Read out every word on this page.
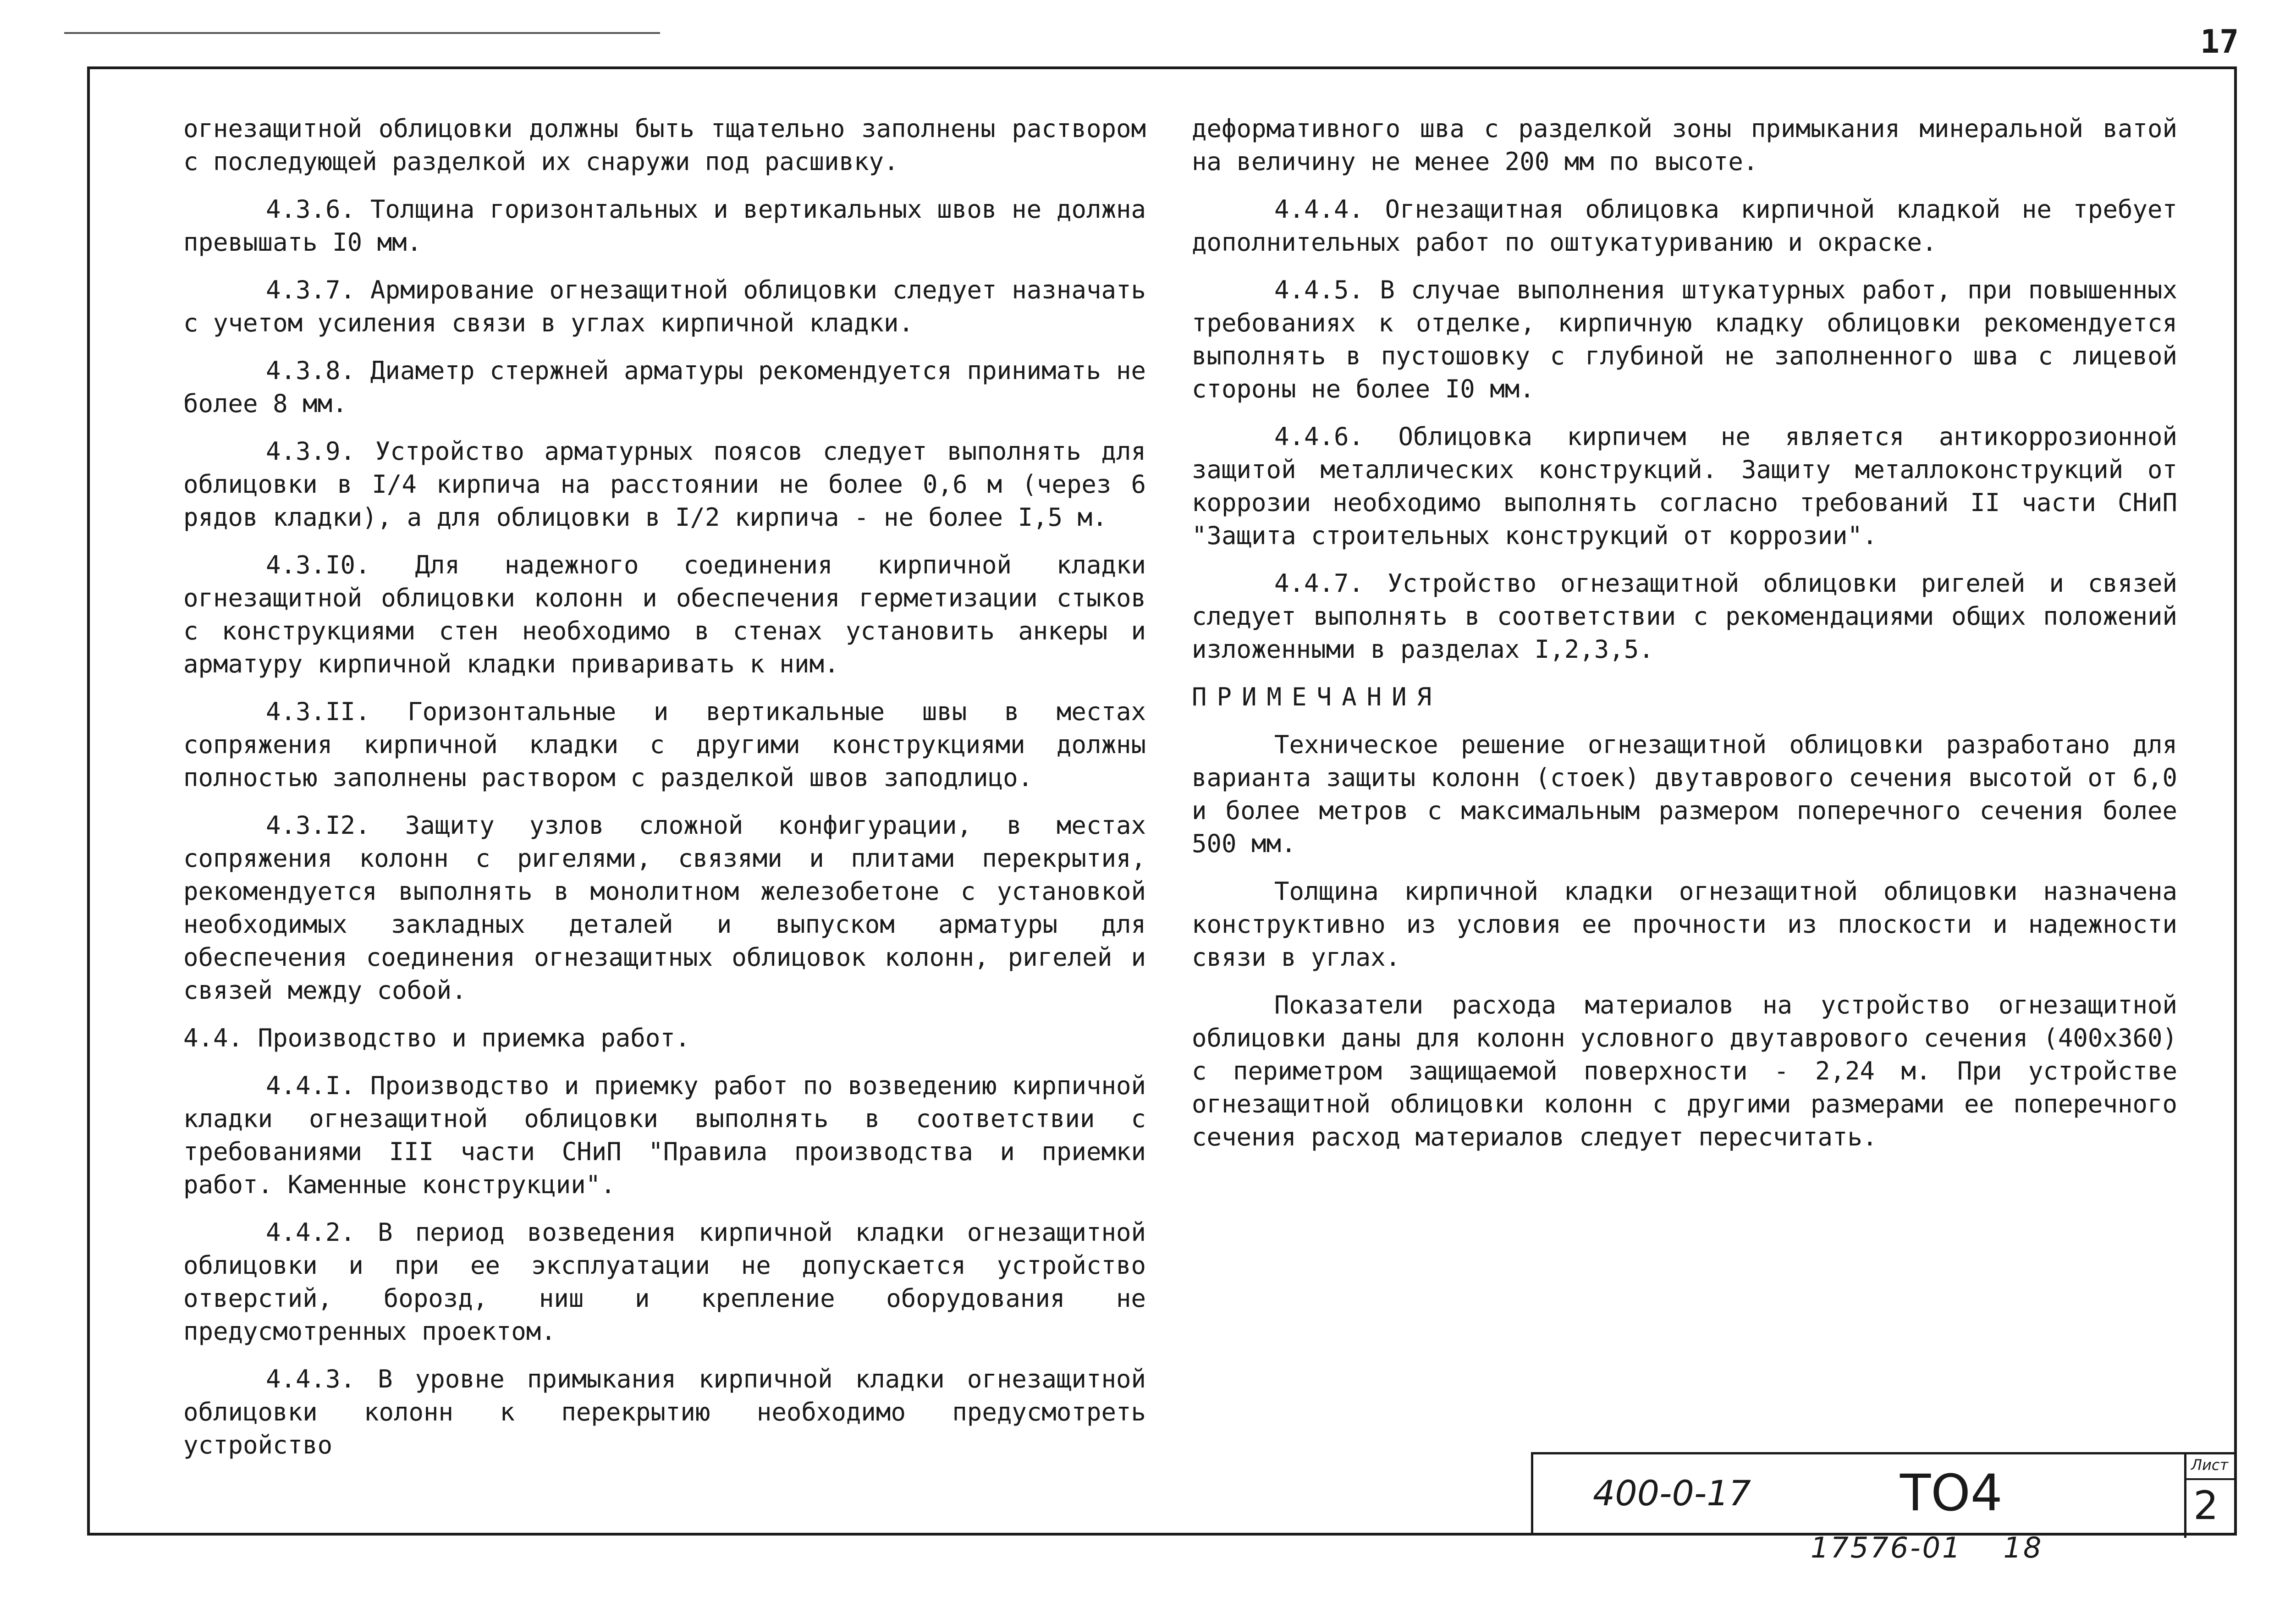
17

огнезащитной облицовки должны быть тщательно заполнены раствором с последующей разделкой их снаружи под расшивку.

4.3.6. Толщина горизонтальных и вертикальных швов не должна превышать I0 мм.

4.3.7. Армирование огнезащитной облицовки следует назначать с учетом усиления связи в углах кирпичной кладки.

4.3.8. Диаметр стержней арматуры рекомендуется принимать не более 8 мм.

4.3.9. Устройство арматурных поясов следует выполнять для облицовки в I/4 кирпича на расстоянии не более 0,6 м (через 6 рядов кладки), а для облицовки в I/2 кирпича - не более I,5 м.

4.3.I0. Для надежного соединения кирпичной кладки огнезащитной облицовки колонн и обеспечения герметизации стыков с конструкциями стен необходимо в стенах установить анкеры и арматуру кирпичной кладки приваривать к ним.

4.3.II. Горизонтальные и вертикальные швы в местах сопряжения кирпичной кладки с другими конструкциями должны полностью заполнены раствором с разделкой швов заподлицо.

4.3.I2. Защиту узлов сложной конфигурации, в местах сопряжения колонн с ригелями, связями и плитами перекрытия, рекомендуется выполнять в монолитном железобетоне с установкой необходимых закладных деталей и выпуском арматуры для обеспечения соединения огнезащитных облицовок колонн, ригелей и связей между собой.

4.4. Производство и приемка работ.

4.4.I. Производство и приемку работ по возведению кирпичной кладки огнезащитной облицовки выполнять в соответствии с требованиями III части СНиП "Правила производства и приемки работ. Каменные конструкции".

4.4.2. В период возведения кирпичной кладки огнезащитной облицовки и при ее эксплуатации не допускается устройство отверстий, борозд, ниш и крепление оборудования не предусмотренных проектом.

4.4.3. В уровне примыкания кирпичной кладки огнезащитной облицовки колонн к перекрытию необходимо предусмотреть устройство

деформативного шва с разделкой зоны примыкания минеральной ватой на величину не менее 200 мм по высоте.

4.4.4. Огнезащитная облицовка кирпичной кладкой не требует дополнительных работ по оштукатуриванию и окраске.

4.4.5. В случае выполнения штукатурных работ, при повышенных требованиях к отделке, кирпичную кладку облицовки рекомендуется выполнять в пустошовку с глубиной не заполненного шва с лицевой стороны не более I0 мм.

4.4.6. Облицовка кирпичем не является антикоррозионной защитой металлических конструкций. Защиту металлоконструкций от коррозии необходимо выполнять согласно требований II части СНиП "Защита строительных конструкций от коррозии".

4.4.7. Устройство огнезащитной облицовки ригелей и связей следует выполнять в соответствии с рекомендациями общих положений изложенными в разделах I,2,3,5.

ПРИМЕЧАНИЯ

Техническое решение огнезащитной облицовки разработано для варианта защиты колонн (стоек) двутаврового сечения высотой от 6,0 и более метров с максимальным размером поперечного сечения более 500 мм.

Толщина кирпичной кладки огнезащитной облицовки назначена конструктивно из условия ее прочности из плоскости и надежности связи в углах.

Показатели расхода материалов на устройство огнезащитной облицовки даны для колонн условного двутаврового сечения (400x360) с периметром защищаемой поверхности - 2,24 м. При устройстве огнезащитной облицовки колонн с другими размерами ее поперечного сечения расход материалов следует пересчитать.

400-0-17	ТО4	Лист
2
17576-01 18
